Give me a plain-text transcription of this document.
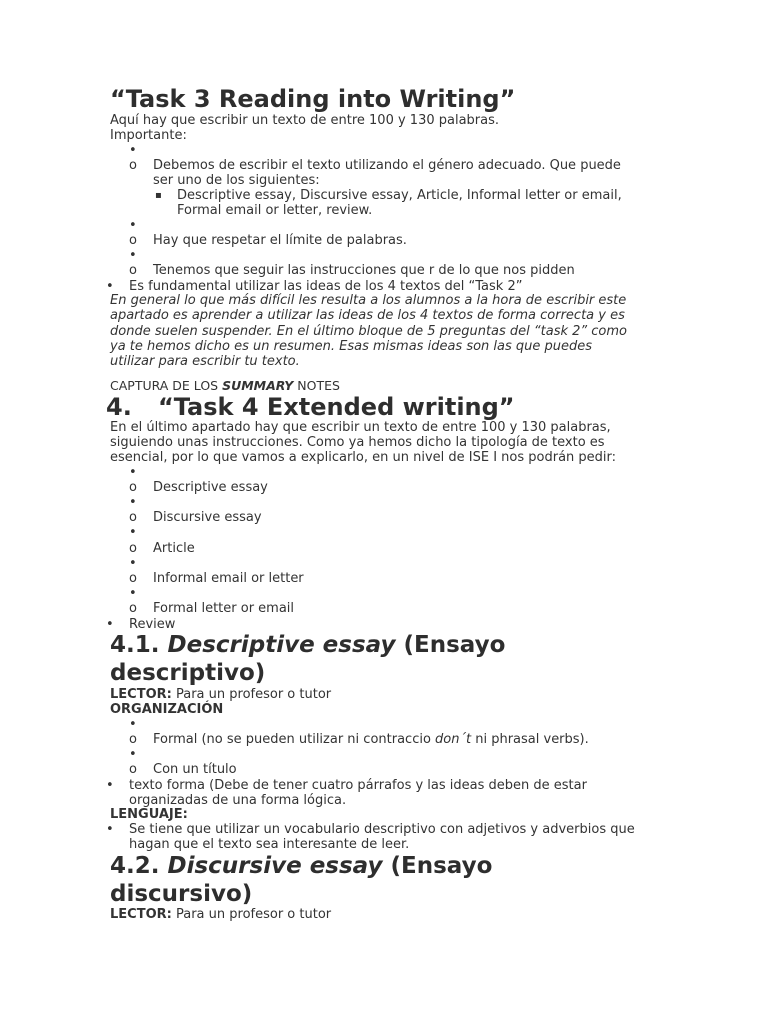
“Task 3 Reading into Writing”
Aquí hay que escribir un texto de entre 100 y 130 palabras.
Importante:
•
o Debemos de escribir el texto utilizando el género adecuado. Que puede
ser uno de los siguientes:
▪ Descriptive essay, Discursive essay, Article, Informal letter or email,
Formal email or letter, review.
•
o Hay que respetar el límite de palabras.
•
o Tenemos que seguir las instrucciones que r de lo que nos pidden
• Es fundamental utilizar las ideas de los 4 textos del “Task 2”
En general lo que más difícil les resulta a los alumnos a la hora de escribir este
apartado es aprender a utilizar las ideas de los 4 textos de forma correcta y es
donde suelen suspender. En el último bloque de 5 preguntas del “task 2” como
ya te hemos dicho es un resumen. Esas mismas ideas son las que puedes
utilizar para escribir tu texto.
CAPTURA DE LOS SUMMARY NOTES
4. “Task 4 Extended writing”
En el último apartado hay que escribir un texto de entre 100 y 130 palabras,
siguiendo unas instrucciones. Como ya hemos dicho la tipología de texto es
esencial, por lo que vamos a explicarlo, en un nivel de ISE I nos podrán pedir:
•
o Descriptive essay
•
o Discursive essay
•
o Article
•
o Informal email or letter
•
o Formal letter or email
• Review
4.1. Descriptive essay (Ensayo
descriptivo)
LECTOR: Para un profesor o tutor
ORGANIZACIÓN
•
o Formal (no se pueden utilizar ni contraccio don´t ni phrasal verbs).
•
o Con un título
• texto forma (Debe de tener cuatro párrafos y las ideas deben de estar
organizadas de una forma lógica.
LENGUAJE:
• Se tiene que utilizar un vocabulario descriptivo con adjetivos y adverbios que
hagan que el texto sea interesante de leer.
4.2. Discursive essay (Ensayo
discursivo)
LECTOR: Para un profesor o tutor
